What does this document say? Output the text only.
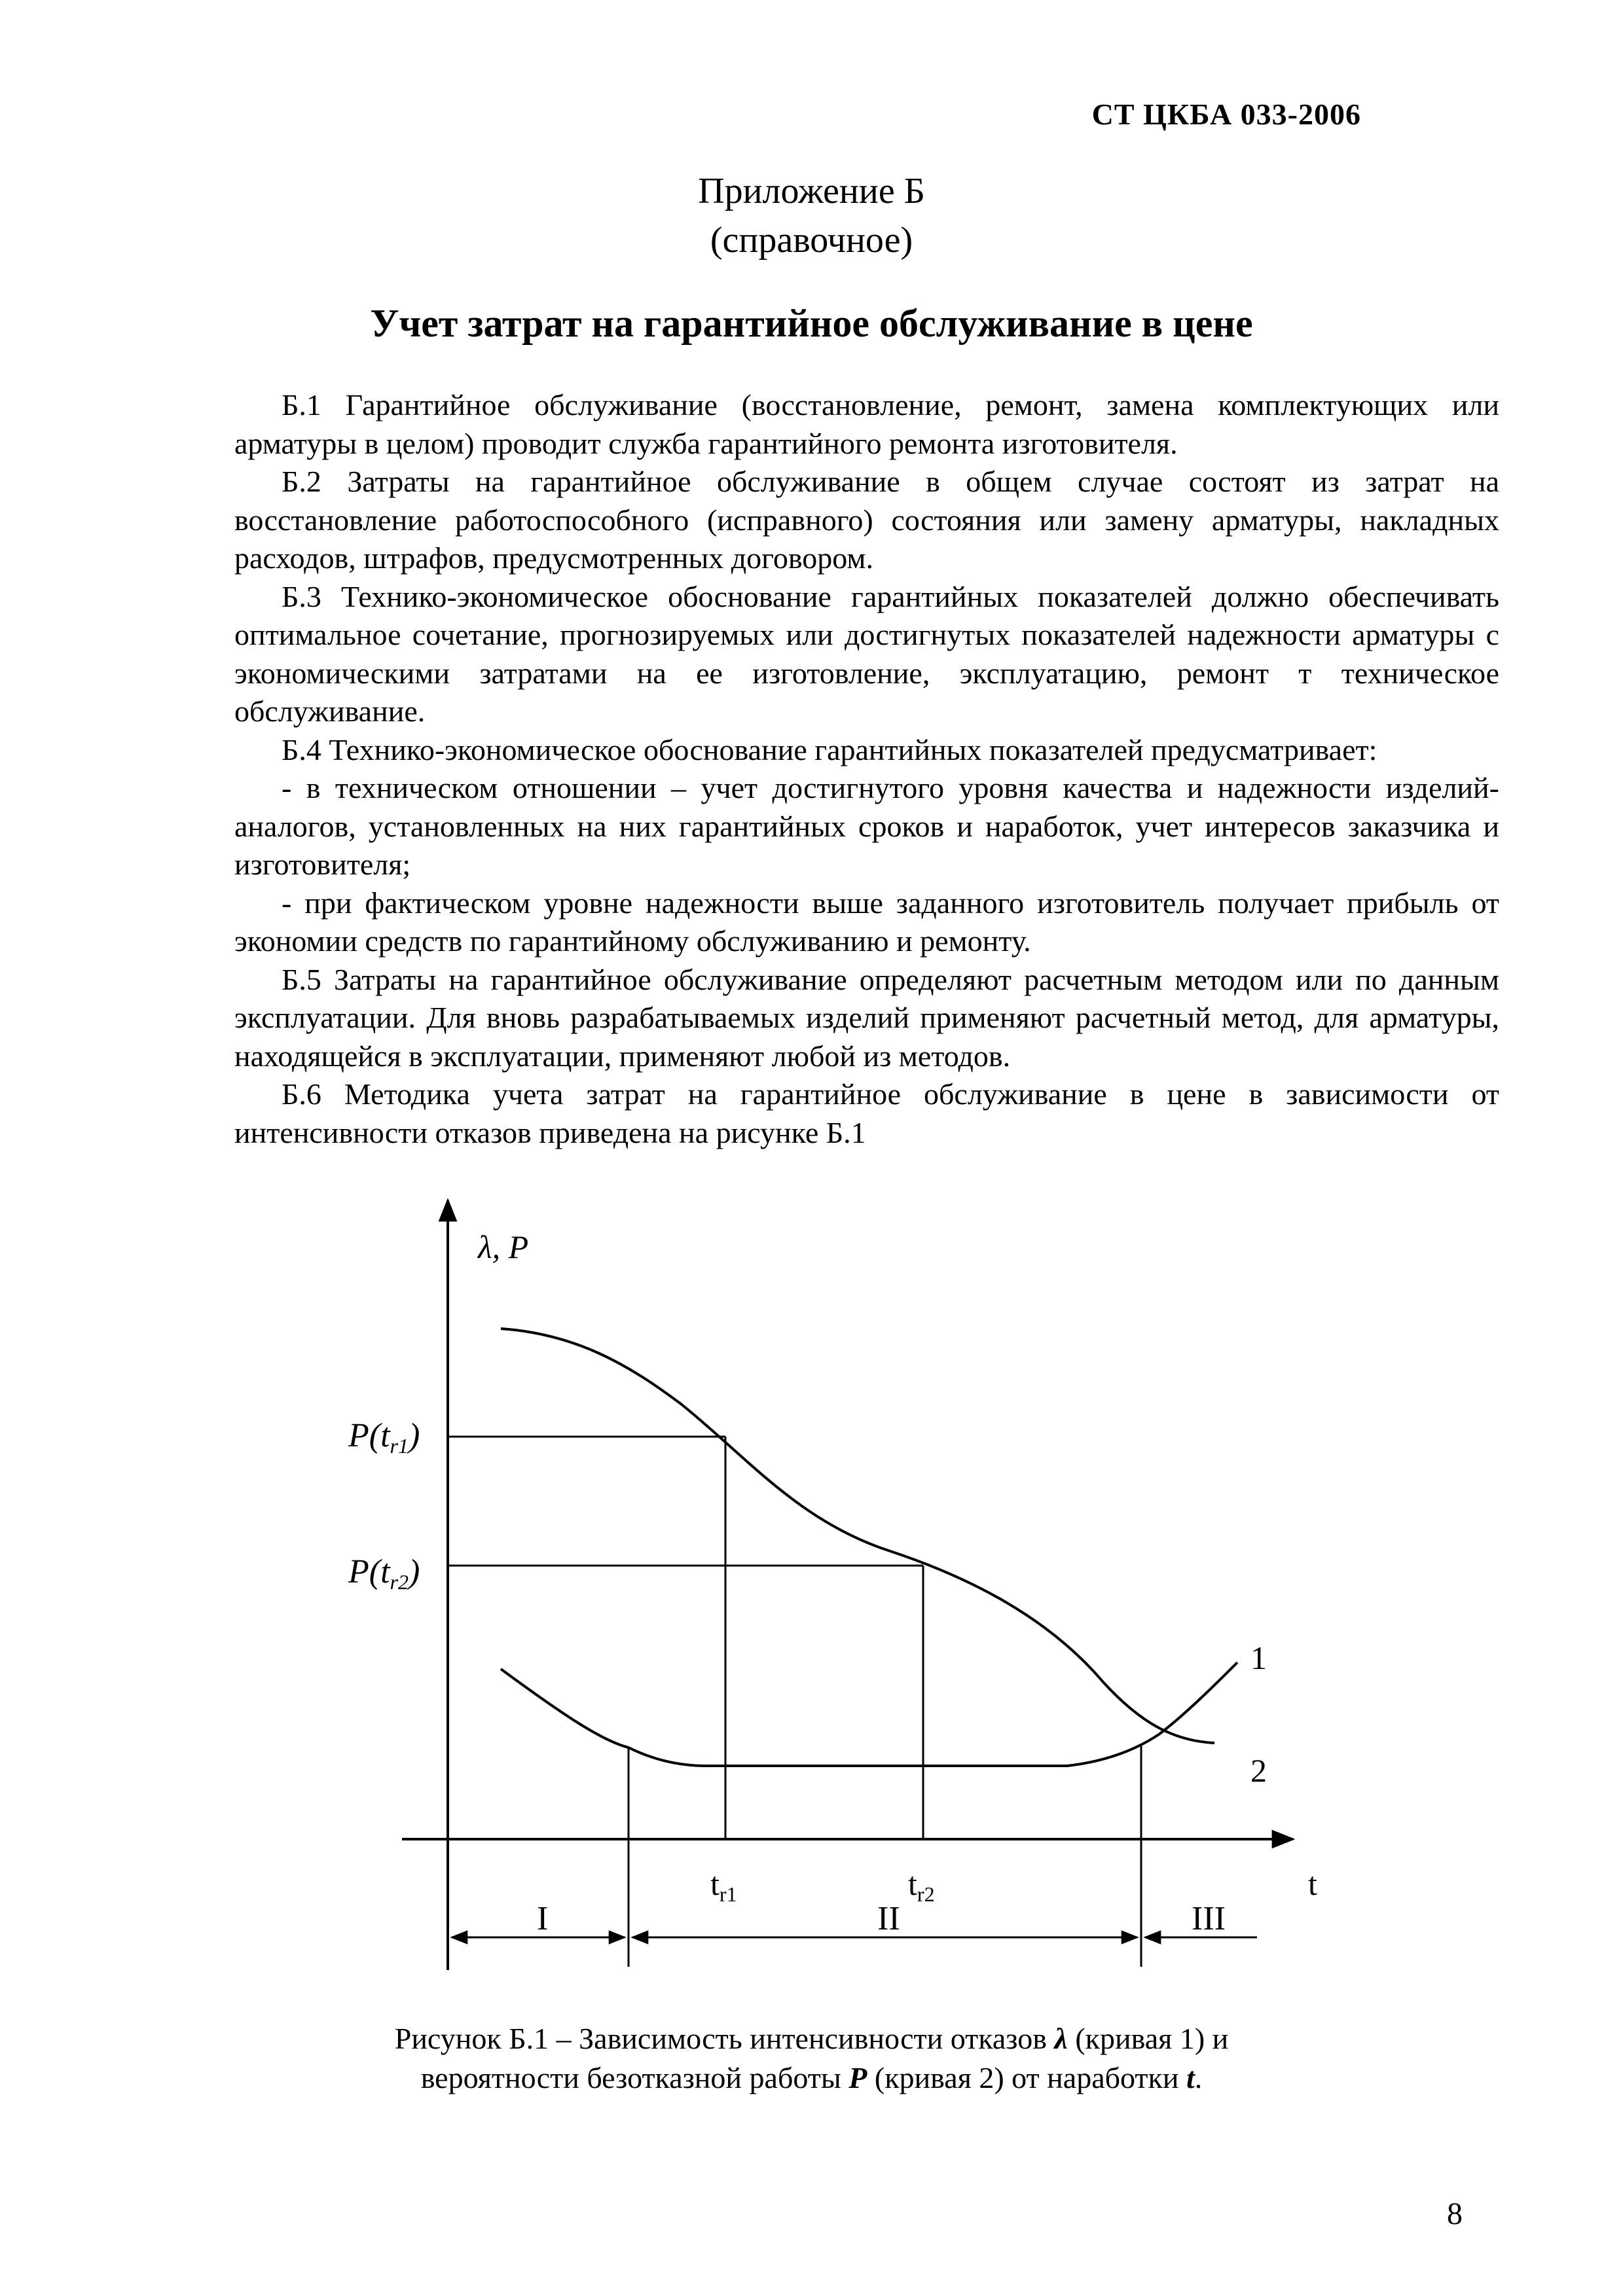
СТ ЦКБА 033-2006
Приложение Б
(справочное)
Учет затрат на гарантийное обслуживание в цене

Б.1 Гарантийное обслуживание (восстановление, ремонт, замена комплектующих или арматуры в целом) проводит служба гарантийного ремонта изготовителя.

Б.2 Затраты на гарантийное обслуживание в общем случае состоят из затрат на восстановление работоспособного (исправного) состояния или замену арматуры, накладных расходов, штрафов, предусмотренных договором.

Б.3 Технико-экономическое обоснование гарантийных показателей должно обеспечивать оптимальное сочетание, прогнозируемых или достигнутых показателей надежности арматуры с экономическими затратами на ее изготовление, эксплуатацию, ремонт т техническое обслуживание.

Б.4 Технико-экономическое обоснование гарантийных показателей предусматривает:

- в техническом отношении – учет достигнутого уровня качества и надежности изделий-аналогов, установленных на них гарантийных сроков и наработок, учет интересов заказчика и изготовителя;

- при фактическом уровне надежности выше заданного изготовитель получает прибыль от экономии средств по гарантийному обслуживанию и ремонту.

Б.5 Затраты на гарантийное обслуживание определяют расчетным методом или по данным эксплуатации. Для вновь разрабатываемых изделий применяют расчетный метод, для арматуры, находящейся в эксплуатации, применяют любой из методов.

Б.6 Методика учета затрат на гарантийное обслуживание в цене в зависимости от интенсивности отказов приведена на рисунке Б.1

λ, P
t
P(tr1)
P(tr2)
1
2
$t_{r1}$	$t_{r2}$
I	II	III
Рисунок Б.1 – Зависимость интенсивности отказов λ (кривая 1) и
вероятности безотказной работы P (кривая 2) от наработки t.
8
